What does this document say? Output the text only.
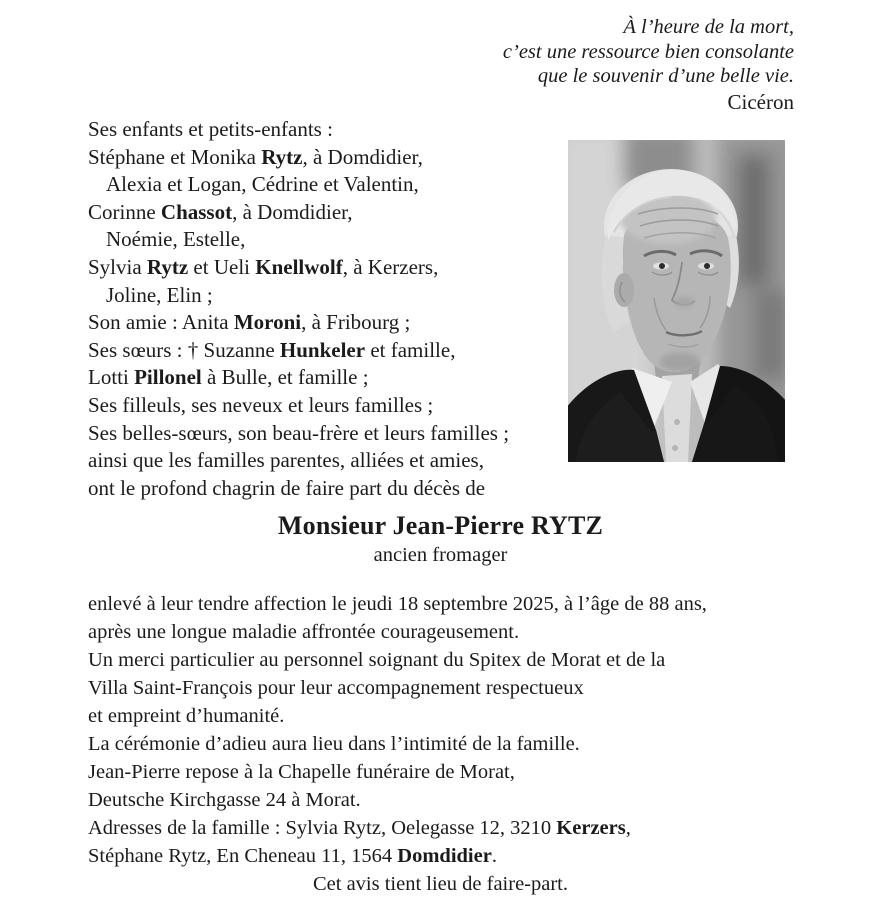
À l’heure de la mort,
c’est une ressource bien consolante
que le souvenir d’une belle vie.
Cicéron
Ses enfants et petits-enfants :
Stéphane et Monika Rytz, à Domdidier,
Alexia et Logan, Cédrine et Valentin,
Corinne Chassot, à Domdidier,
Noémie, Estelle,
Sylvia Rytz et Ueli Knellwolf, à Kerzers,
Joline, Elin ;
Son amie : Anita Moroni, à Fribourg ;
Ses sœurs : † Suzanne Hunkeler et famille,
Lotti Pillonel à Bulle, et famille ;
Ses filleuls, ses neveux et leurs familles ;
Ses belles-sœurs, son beau-frère et leurs familles ;
ainsi que les familles parentes, alliées et amies,
ont le profond chagrin de faire part du décès de
Monsieur Jean-Pierre RYTZ
ancien fromager
enlevé à leur tendre affection le jeudi 18 septembre 2025, à l’âge de 88 ans,
après une longue maladie affrontée courageusement.
Un merci particulier au personnel soignant du Spitex de Morat et de la
Villa Saint-François pour leur accompagnement respectueux
et empreint d’humanité.
La cérémonie d’adieu aura lieu dans l’intimité de la famille.
Jean-Pierre repose à la Chapelle funéraire de Morat,
Deutsche Kirchgasse 24 à Morat.
Adresses de la famille : Sylvia Rytz, Oelegasse 12, 3210 Kerzers,
Stéphane Rytz, En Cheneau 11, 1564 Domdidier.
Cet avis tient lieu de faire-part.
